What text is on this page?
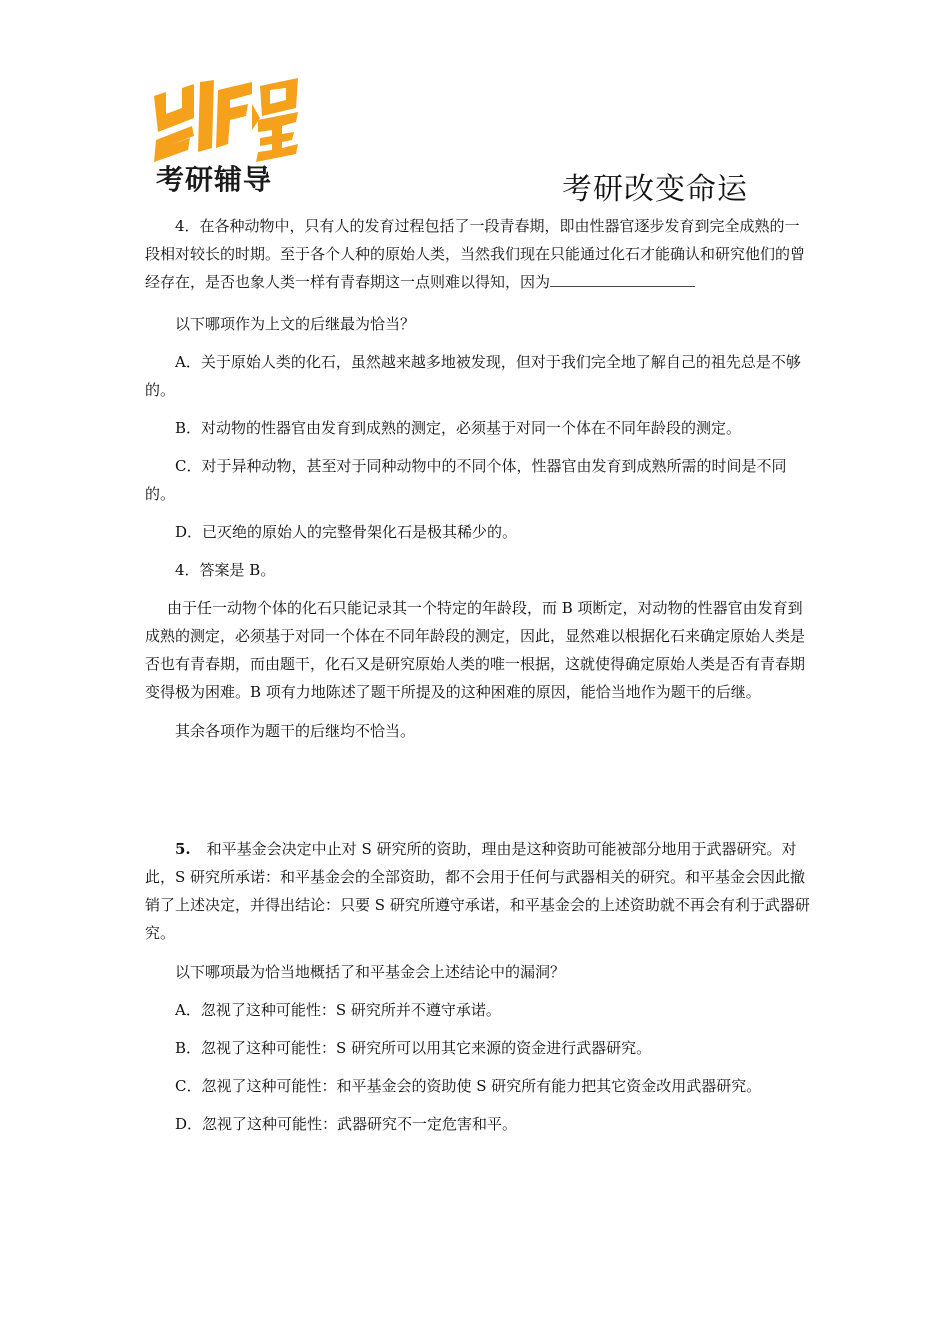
考研辅导	考研改变命运

4．在各种动物中，只有人的发育过程包括了一段青春期，即由性器官逐步发育到完全成熟的一段相对较长的时期。至于各个人种的原始人类，当然我们现在只能通过化石才能确认和研究他们的曾经存在，是否也象人类一样有青春期这一点则难以得知，因为

以下哪项作为上文的后继最为恰当？

A．关于原始人类的化石，虽然越来越多地被发现，但对于我们完全地了解自己的祖先总是不够的。

B．对动物的性器官由发育到成熟的测定，必须基于对同一个体在不同年龄段的测定。

C．对于异种动物，甚至对于同种动物中的不同个体，性器官由发育到成熟所需的时间是不同的。

D．已灭绝的原始人的完整骨架化石是极其稀少的。

4．答案是 B。

由于任一动物个体的化石只能记录其一个特定的年龄段，而 B 项断定，对动物的性器官由发育到成熟的测定，必须基于对同一个体在不同年龄段的测定，因此，显然难以根据化石来确定原始人类是否也有青春期，而由题干，化石又是研究原始人类的唯一根据，这就使得确定原始人类是否有青春期变得极为困难。B 项有力地陈述了题干所提及的这种困难的原因，能恰当地作为题干的后继。

其余各项作为题干的后继均不恰当。

5. 和平基金会决定中止对 S 研究所的资助，理由是这种资助可能被部分地用于武器研究。对此，S 研究所承诺：和平基金会的全部资助，都不会用于任何与武器相关的研究。和平基金会因此撤销了上述决定，并得出结论：只要 S 研究所遵守承诺，和平基金会的上述资助就不再会有利于武器研究。

以下哪项最为恰当地概括了和平基金会上述结论中的漏洞？

A．忽视了这种可能性：S 研究所并不遵守承诺。

B．忽视了这种可能性：S 研究所可以用其它来源的资金进行武器研究。

C．忽视了这种可能性：和平基金会的资助使 S 研究所有能力把其它资金改用武器研究。

D．忽视了这种可能性：武器研究不一定危害和平。
